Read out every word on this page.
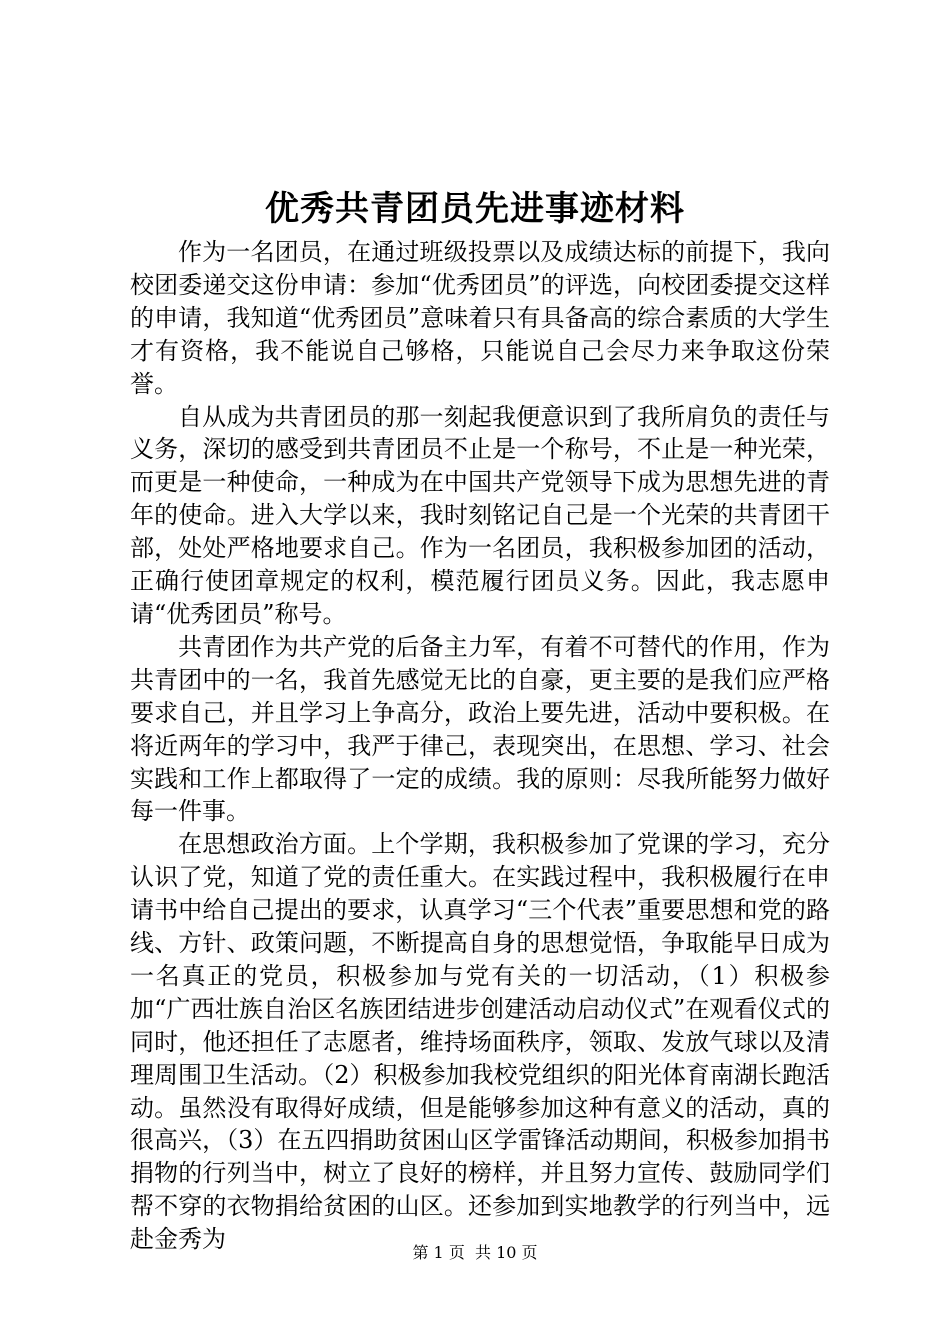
优秀共青团员先进事迹材料

作为一名团员，在通过班级投票以及成绩达标的前提下，我向校团委递交这份申请：参加“优秀团员”的评选，向校团委提交这样的申请，我知道“优秀团员”意味着只有具备高的综合素质的大学生才有资格，我不能说自己够格，只能说自己会尽力来争取这份荣誉。

自从成为共青团员的那一刻起我便意识到了我所肩负的责任与义务，深切的感受到共青团员不止是一个称号，不止是一种光荣，而更是一种使命，一种成为在中国共产党领导下成为思想先进的青年的使命。进入大学以来，我时刻铭记自己是一个光荣的共青团干部，处处严格地要求自己。作为一名团员，我积极参加团的活动，正确行使团章规定的权利，模范履行团员义务。因此，我志愿申请“优秀团员”称号。

共青团作为共产党的后备主力军，有着不可替代的作用，作为共青团中的一名，我首先感觉无比的自豪，更主要的是我们应严格要求自己，并且学习上争高分，政治上要先进，活动中要积极。在将近两年的学习中，我严于律己，表现突出，在思想、学习、社会实践和工作上都取得了一定的成绩。我的原则：尽我所能努力做好每一件事。

在思想政治方面。上个学期，我积极参加了党课的学习，充分认识了党，知道了党的责任重大。在实践过程中，我积极履行在申请书中给自己提出的要求，认真学习“三个代表”重要思想和党的路线、方针、政策问题，不断提高自身的思想觉悟，争取能早日成为一名真正的党员，积极参加与党有关的一切活动，（1）积极参加“广西壮族自治区名族团结进步创建活动启动仪式”在观看仪式的同时，他还担任了志愿者，维持场面秩序，领取、发放气球以及清理周围卫生活动。（2）积极参加我校党组织的阳光体育南湖长跑活动。虽然没有取得好成绩，但是能够参加这种有意义的活动，真的很高兴，（3）在五四捐助贫困山区学雷锋活动期间，积极参加捐书捐物的行列当中，树立了良好的榜样，并且努力宣传、鼓励同学们帮不穿的衣物捐给贫困的山区。还参加到实地教学的行列当中，远赴金秀为	第 1 页  共 10 页
